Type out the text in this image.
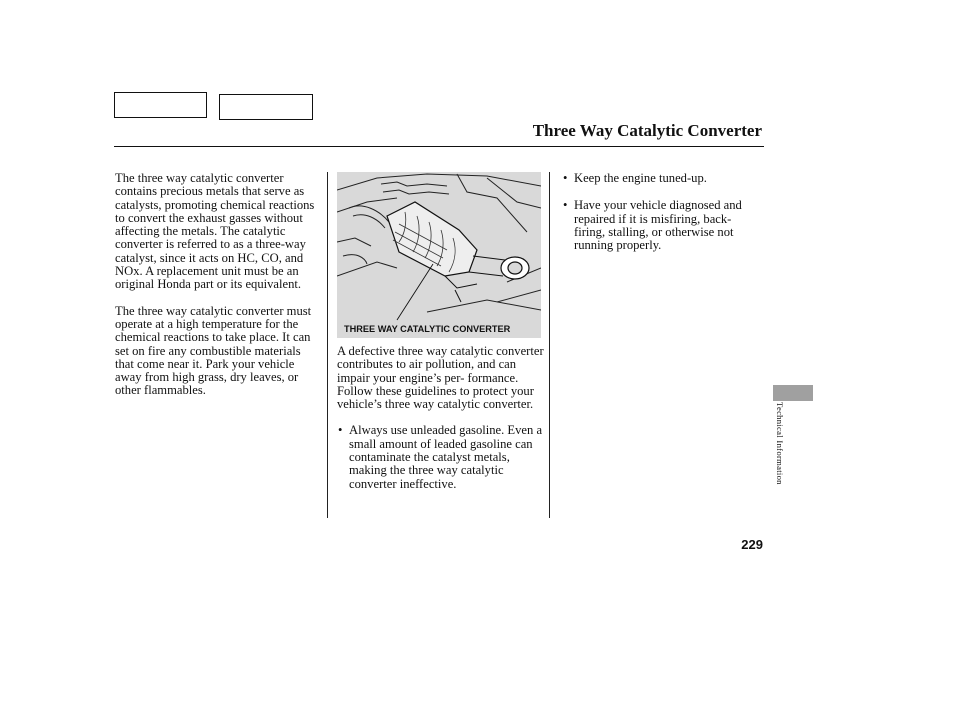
Three Way Catalytic Converter

The three way catalytic converter contains precious metals that serve as catalysts, promoting chemical reactions to convert the exhaust gasses without affecting the metals. The catalytic converter is referred to as a three-way catalyst, since it acts on HC, CO, and NOx. A replacement unit must be an original Honda part or its equivalent.

The three way catalytic converter must operate at a high temperature for the chemical reactions to take place. It can set on fire any combustible materials that come near it. Park your vehicle away from high grass, dry leaves, or other flammables.

THREE WAY CATALYTIC CONVERTER

A defective three way catalytic converter contributes to air pollution, and can impair your engine’s per- formance. Follow these guidelines to protect your vehicle’s three way catalytic converter.

• Always use unleaded gasoline. Even a small amount of leaded gasoline can contaminate the catalyst metals, making the three way catalytic converter ineffective.
• Keep the engine tuned-up.
• Have your vehicle diagnosed and repaired if it is misfiring, back- firing, stalling, or otherwise not running properly.
Technical Information
229
